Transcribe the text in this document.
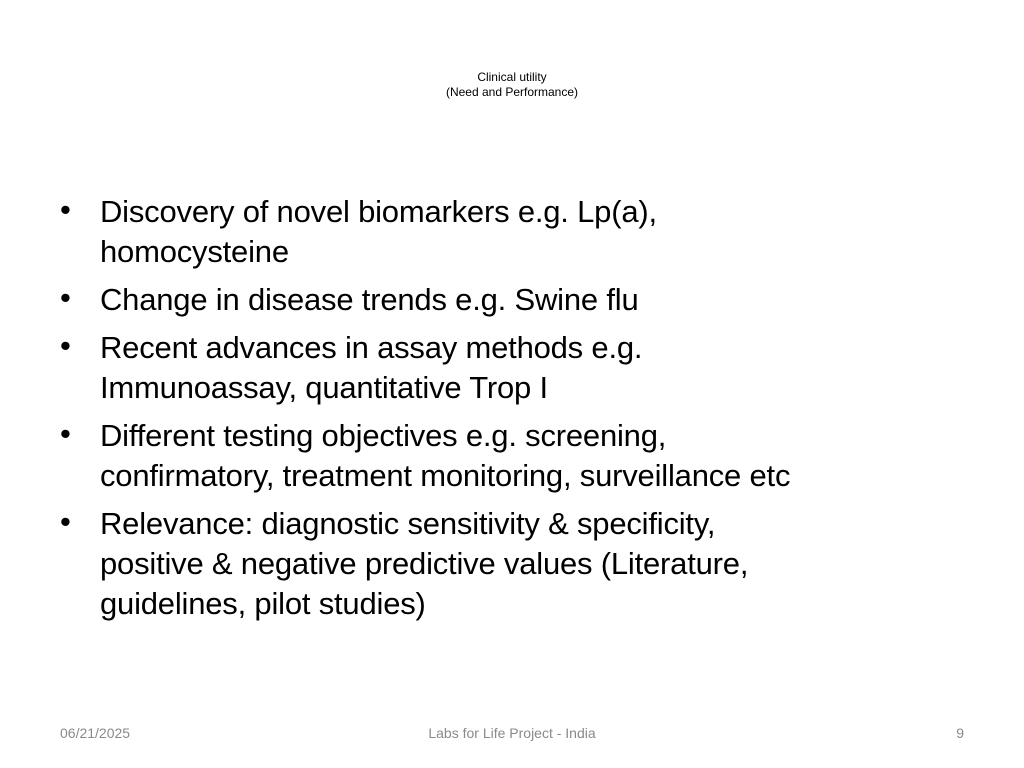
Clinical utility
(Need and Performance)
• Discovery of novel biomarkers e.g. Lp(a),
homocysteine
• Change in disease trends e.g. Swine flu
• Recent advances in assay methods e.g.
Immunoassay, quantitative Trop I
• Different testing objectives e.g. screening,
confirmatory, treatment monitoring, surveillance etc
• Relevance: diagnostic sensitivity & specificity,
positive & negative predictive values (Literature,
guidelines, pilot studies)
06/21/2025	Labs for Life Project - India	9
